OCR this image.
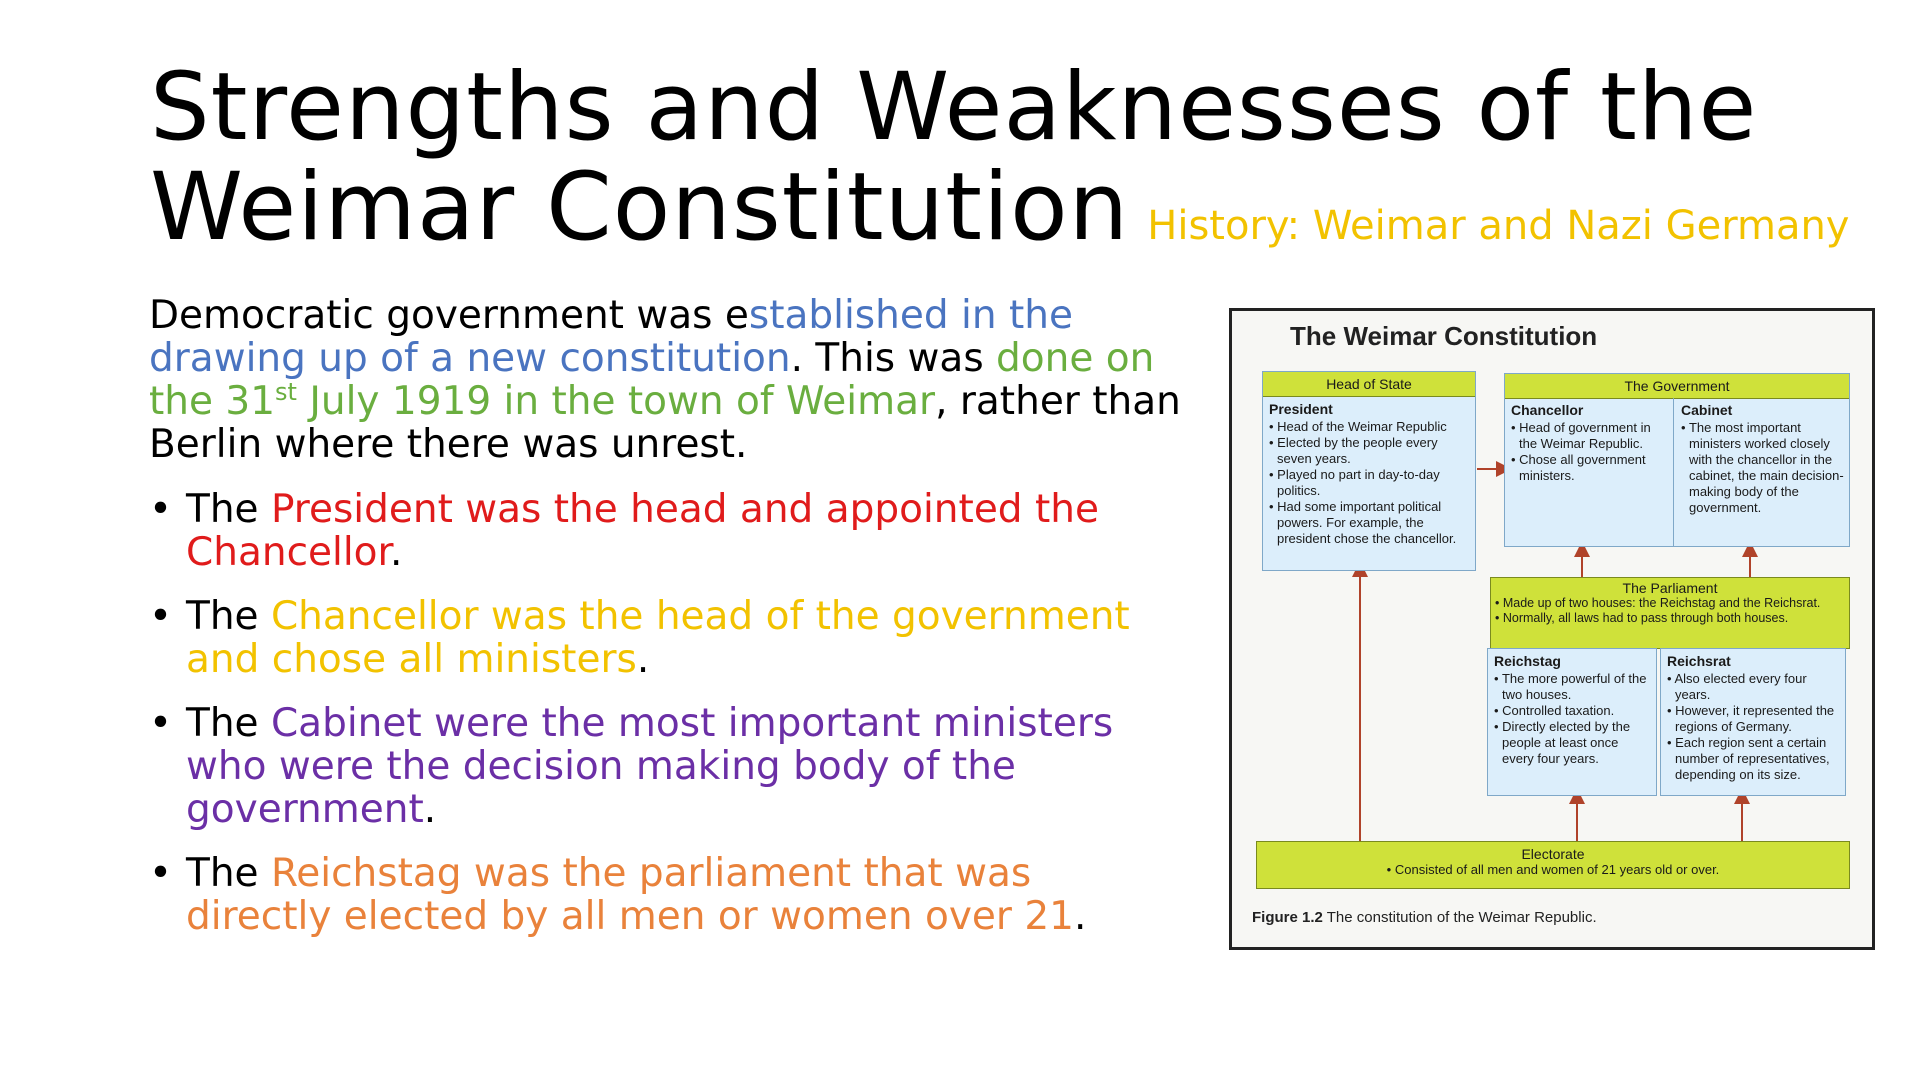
Strengths and Weaknesses of the
Weimar Constitution History: Weimar and Nazi Germany

Democratic government was established in the drawing up of a new constitution. This was done on the 31st July 1919 in the town of Weimar, rather than Berlin where there was unrest.

• The President was the head and appointed the Chancellor.
• The Chancellor was the head of the government and chose all ministers.
• The Cabinet were the most important ministers who were the decision making body of the government.
• The Reichstag was the parliament that was directly elected by all men or women over 21.
The Weimar Constitution
Head of State
President
• Head of the Weimar Republic
• Elected by the people every seven years.
• Played no part in day-to-day politics.
• Had some important political powers. For example, the president chose the chancellor.
The Government
Chancellor
• Head of government in the Weimar Republic.
• Chose all government ministers.
Cabinet
• The most important ministers worked closely with the chancellor in the cabinet, the main decision-making body of the government.
The Parliament
• Made up of two houses: the Reichstag and the Reichsrat.
• Normally, all laws had to pass through both houses.
Reichstag
• The more powerful of the two houses.
• Controlled taxation.
• Directly elected by the people at least once every four years.
Reichsrat
• Also elected every four years.
• However, it represented the regions of Germany.
• Each region sent a certain number of representatives, depending on its size.
Electorate
• Consisted of all men and women of 21 years old or over.
Figure 1.2 The constitution of the Weimar Republic.
